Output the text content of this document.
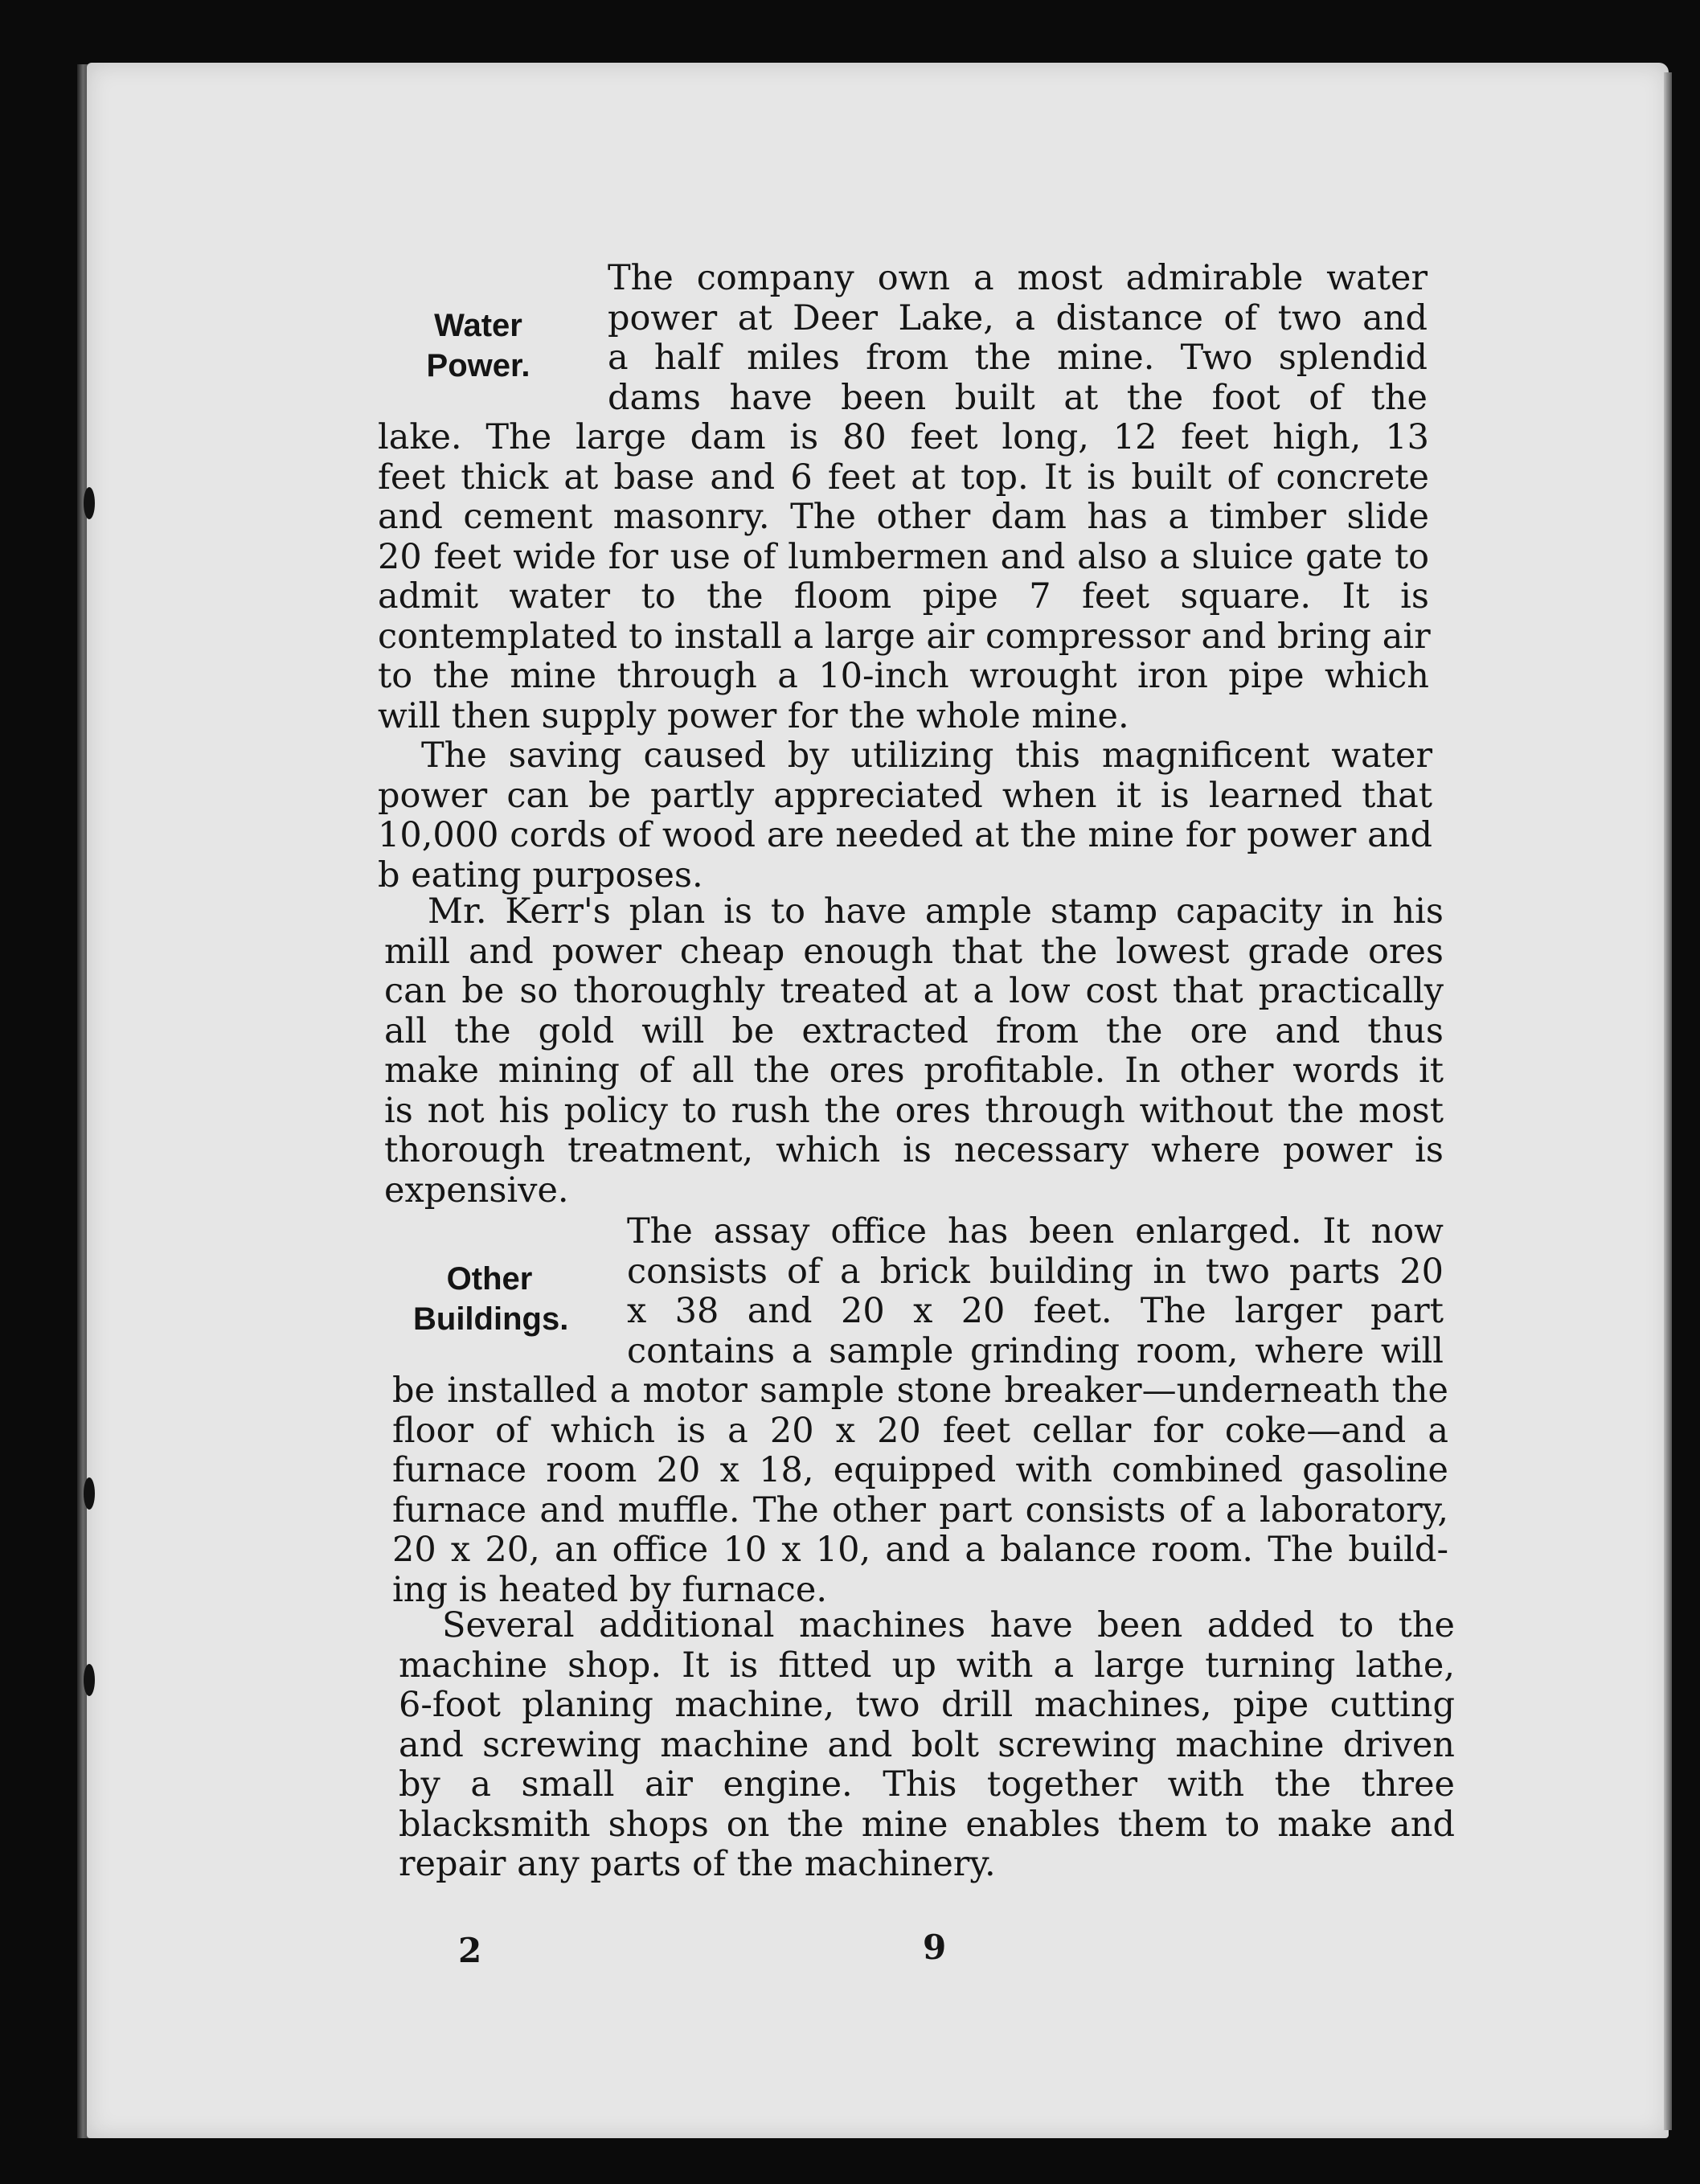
Water
Power.
The company own a most admirable water
power at Deer Lake, a distance of two and
a half miles from the mine. Two splendid
dams have been built at the foot of the
lake. The large dam is 80 feet long, 12 feet high, 13
feet thick at base and 6 feet at top. It is built of concrete
and cement masonry. The other dam has a timber slide
20 feet wide for use of lumbermen and also a sluice gate to
admit water to the floom pipe 7 feet square. It is
contemplated to install a large air compressor and bring air
to the mine through a 10-inch wrought iron pipe which
will then supply power for the whole mine.
The saving caused by utilizing this magnificent water
power can be partly appreciated when it is learned that
10,000 cords of wood are needed at the mine for power and
b eating purposes.
Mr. Kerr's plan is to have ample stamp capacity in his
mill and power cheap enough that the lowest grade ores
can be so thoroughly treated at a low cost that practically
all the gold will be extracted from the ore and thus
make mining of all the ores profitable. In other words it
is not his policy to rush the ores through without the most
thorough treatment, which is necessary where power is
expensive.
Other
Buildings.
The assay office has been enlarged. It now
consists of a brick building in two parts 20
x 38 and 20 x 20 feet. The larger part
contains a sample grinding room, where will
be installed a motor sample stone breaker—underneath the
floor of which is a 20 x 20 feet cellar for coke—and a
furnace room 20 x 18, equipped with combined gasoline
furnace and muffle. The other part consists of a laboratory,
20 x 20, an office 10 x 10, and a balance room. The build-
ing is heated by furnace.
Several additional machines have been added to the
machine shop. It is fitted up with a large turning lathe,
6-foot planing machine, two drill machines, pipe cutting
and screwing machine and bolt screwing machine driven
by a small air engine. This together with the three
blacksmith shops on the mine enables them to make and
repair any parts of the machinery.
2	9
